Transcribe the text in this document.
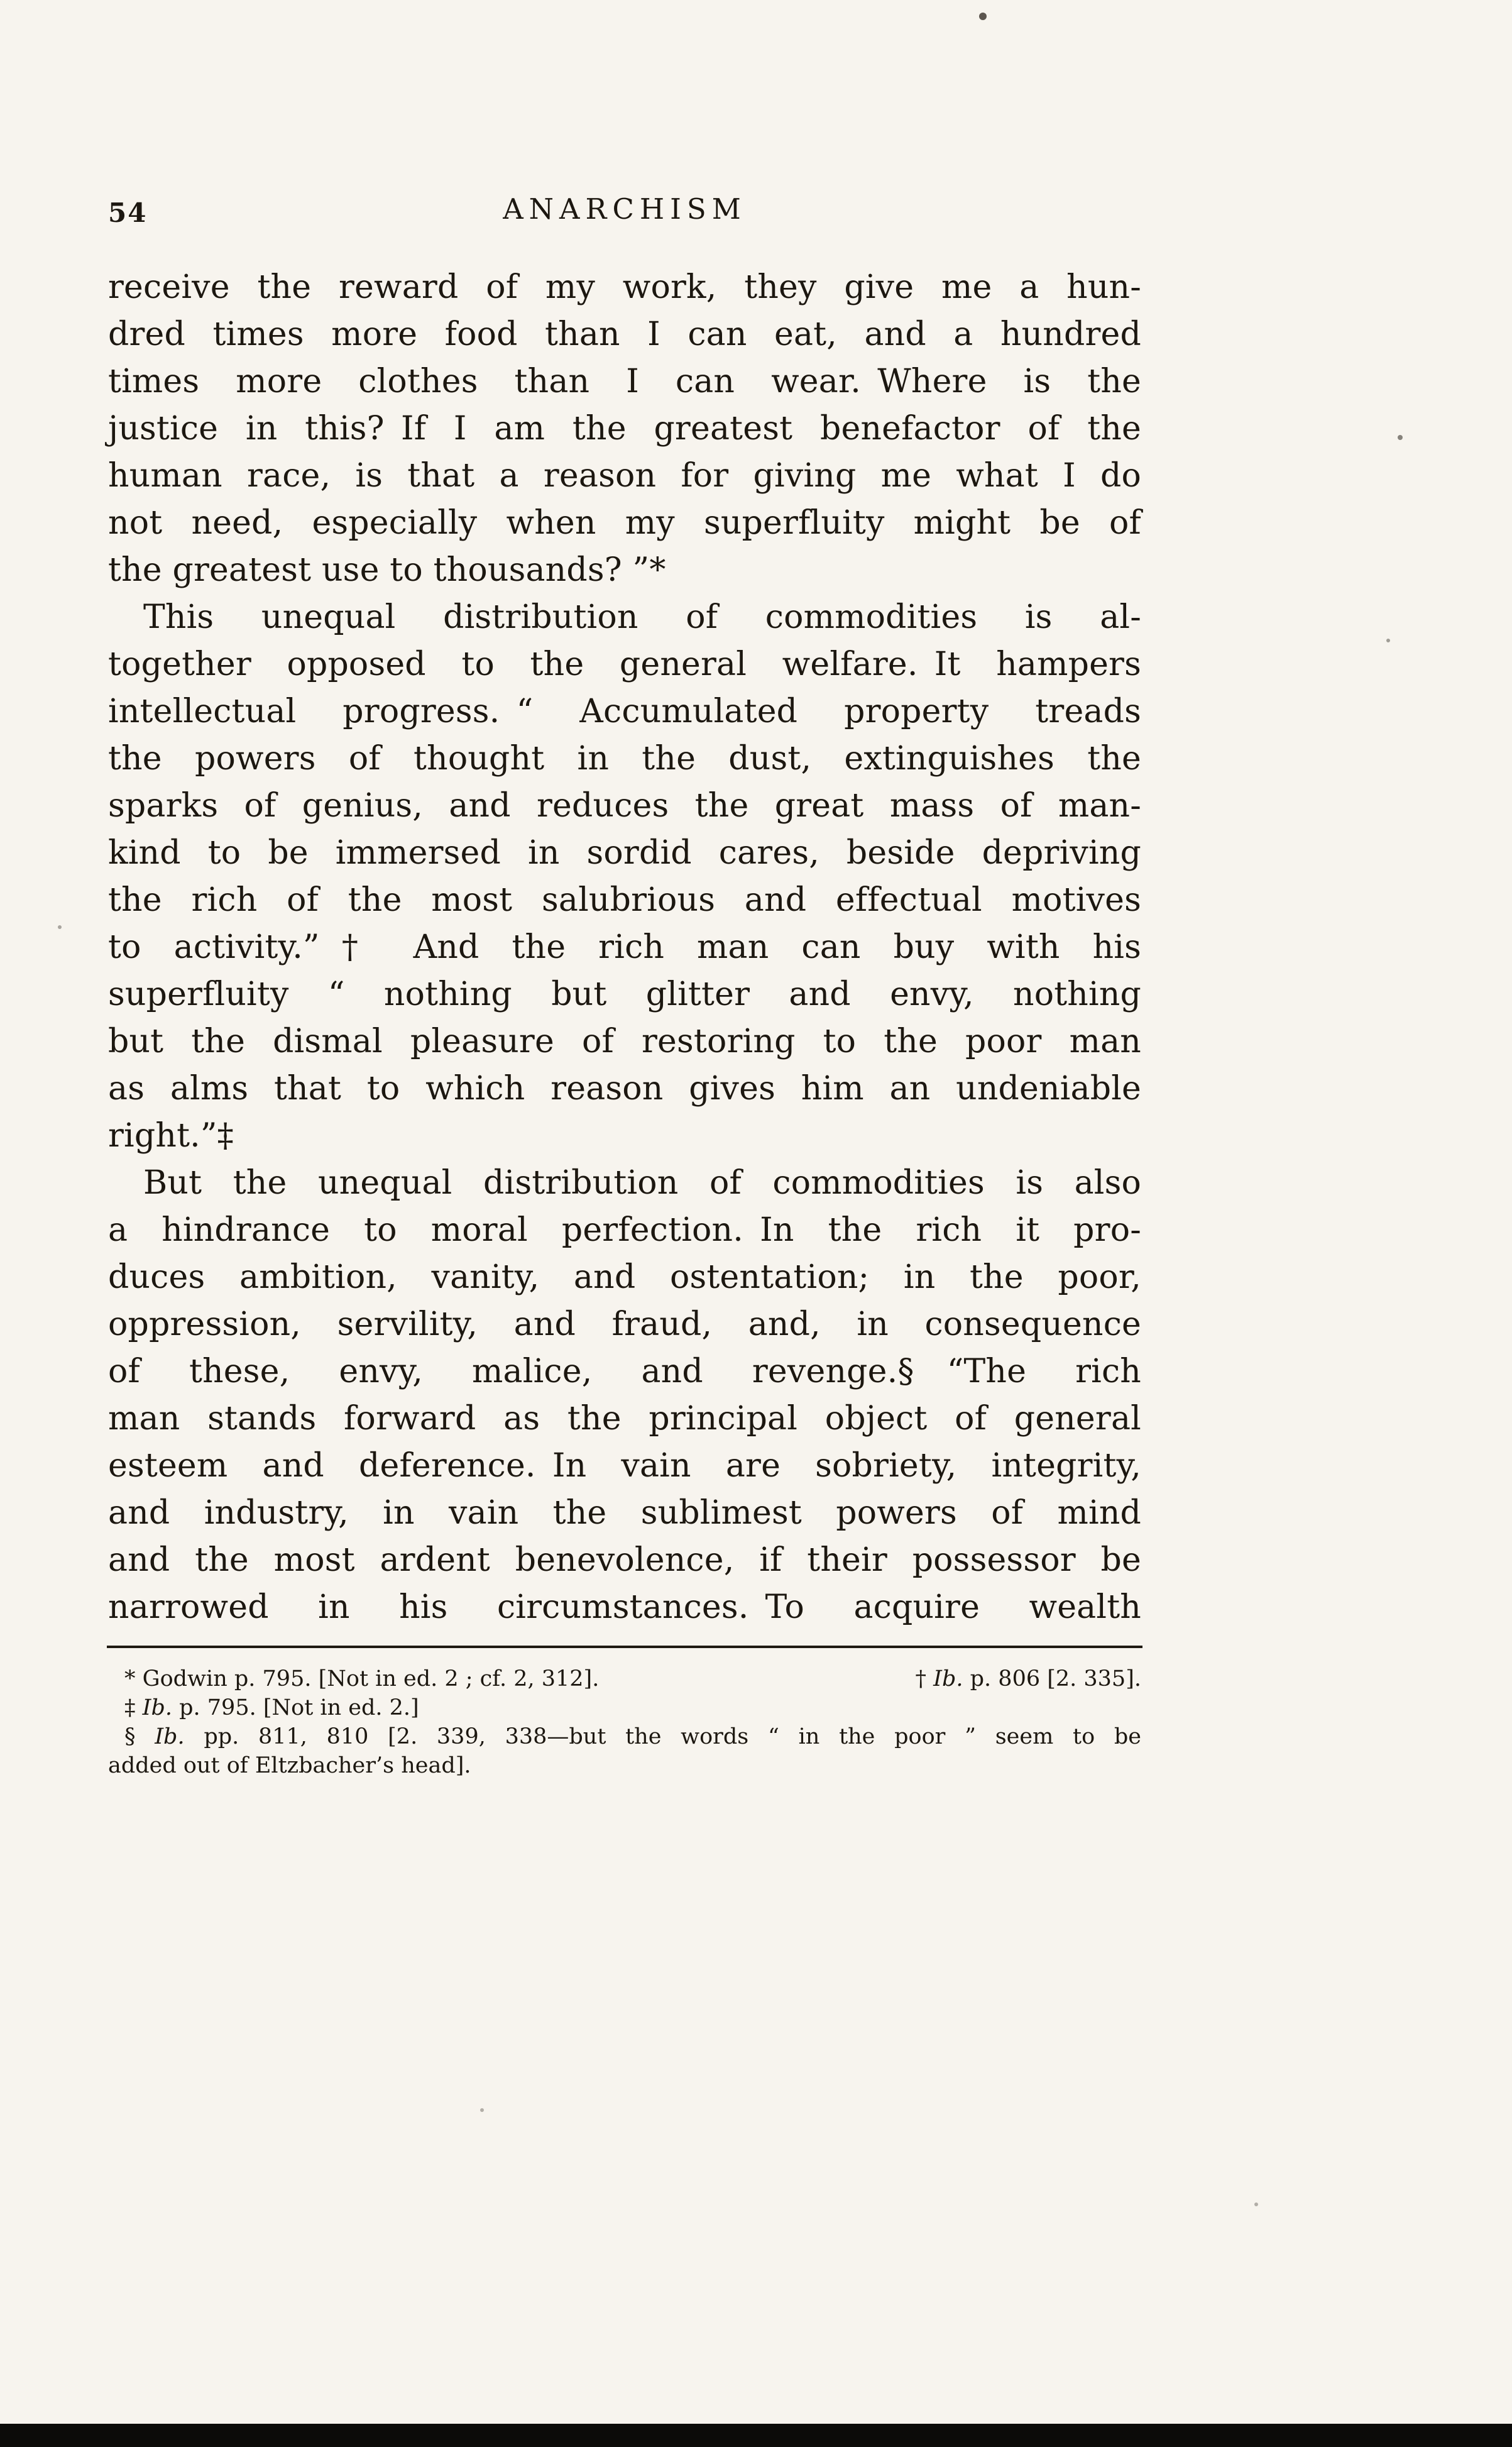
54	ANARCHISM
receive the reward of my work, they give me a hun-
dred times more food than I can eat, and a hundred
times more clothes than I can wear. Where is the
justice in this? If I am the greatest benefactor of the
human race, is that a reason for giving me what I do
not need, especially when my superfluity might be of
the greatest use to thousands? ”*
This unequal distribution of commodities is al-
together opposed to the general welfare. It hampers
intellectual progress. “ Accumulated property treads
the powers of thought in the dust, extinguishes the
sparks of genius, and reduces the great mass of man-
kind to be immersed in sordid cares, beside depriving
the rich of the most salubrious and effectual motives
to activity.”† And the rich man can buy with his
superfluity “ nothing but glitter and envy, nothing
but the dismal pleasure of restoring to the poor man
as alms that to which reason gives him an undeniable
right.”‡
But the unequal distribution of commodities is also
a hindrance to moral perfection. In the rich it pro-
duces ambition, vanity, and ostentation; in the poor,
oppression, servility, and fraud, and, in consequence
of these, envy, malice, and revenge.§ “The rich
man stands forward as the principal object of general
esteem and deference. In vain are sobriety, integrity,
and industry, in vain the sublimest powers of mind
and the most ardent benevolence, if their possessor be
narrowed in his circumstances. To acquire wealth
* Godwin p. 795. [Not in ed. 2 ; cf. 2, 312].	† Ib. p. 806 [2. 335].
‡ Ib. p. 795. [Not in ed. 2.]
§ Ib. pp. 811, 810 [2. 339, 338—but the words “ in the poor ” seem to be
added out of Eltzbacher’s head].
